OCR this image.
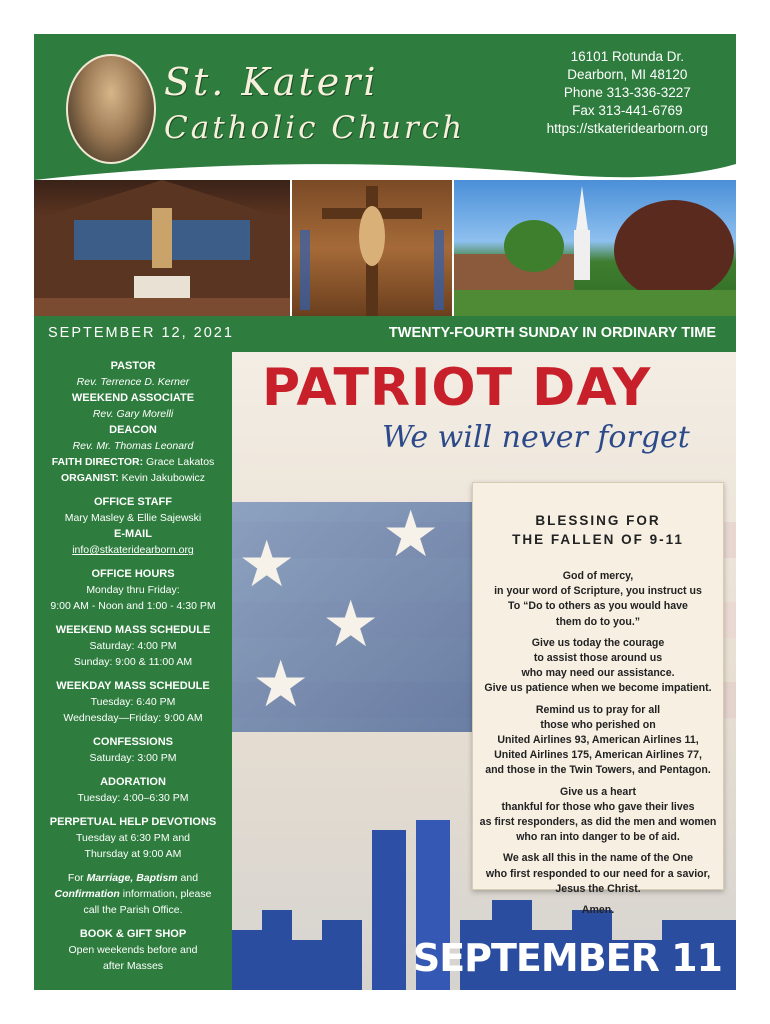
St. Kateri
Catholic Church
16101 Rotunda Dr.
Dearborn, MI 48120
Phone 313-336-3227
Fax 313-441-6769
https://stkateridearborn.org
SEPTEMBER 12, 2021	TWENTY-FOURTH SUNDAY IN ORDINARY TIME
PASTOR
Rev. Terrence D. Kerner
WEEKEND ASSOCIATE
Rev. Gary Morelli
DEACON
Rev. Mr. Thomas Leonard
FAITH DIRECTOR: Grace Lakatos
ORGANIST: Kevin Jakubowicz
OFFICE STAFF
Mary Masley & Ellie Sajewski
E-MAIL
info@stkateridearborn.org
OFFICE HOURS
Monday thru Friday:
9:00 AM - Noon and 1:00 - 4:30 PM
WEEKEND MASS SCHEDULE
Saturday: 4:00 PM
Sunday: 9:00 & 11:00 AM
WEEKDAY MASS SCHEDULE
Tuesday: 6:40 PM
Wednesday—Friday: 9:00 AM
CONFESSIONS
Saturday: 3:00 PM
ADORATION
Tuesday: 4:00–6:30 PM
PERPETUAL HELP DEVOTIONS
Tuesday at 6:30 PM and
Thursday at 9:00 AM
For Marriage, Baptism and
Confirmation information, please
call the Parish Office.
BOOK & GIFT SHOP
Open weekends before and
after Masses
★
★
★
★
PATRIOT DAY
We will never forget
SEPTEMBER 11
BLESSING FOR
THE FALLEN OF 9-11

God of mercy,
in your word of Scripture, you instruct us
To “Do to others as you would have
them do to you.”

Give us today the courage
to assist those around us
who may need our assistance.
Give us patience when we become impatient.

Remind us to pray for all
those who perished on
United Airlines 93, American Airlines 11,
United Airlines 175, American Airlines 77,
and those in the Twin Towers, and Pentagon.

Give us a heart
thankful for those who gave their lives
as first responders, as did the men and women
who ran into danger to be of aid.

We ask all this in the name of the One
who first responded to our need for a savior,
Jesus the Christ.

Amen.
